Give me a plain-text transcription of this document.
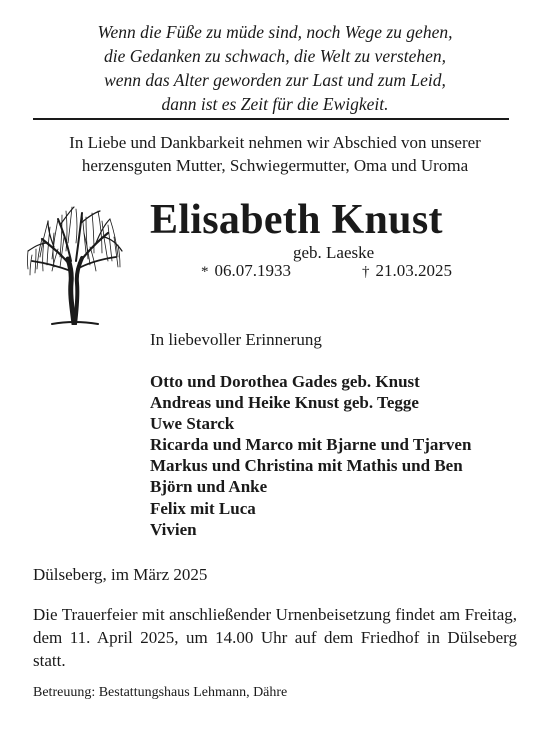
Wenn die Füße zu müde sind, noch Wege zu gehen,
die Gedanken zu schwach, die Welt zu verstehen,
wenn das Alter geworden zur Last und zum Leid,
dann ist es Zeit für die Ewigkeit.
In Liebe und Dankbarkeit nehmen wir Abschied von unserer
herzensguten Mutter, Schwiegermutter, Oma und Uroma
Elisabeth Knust
geb. Laeske
* 06.07.1933	† 21.03.2025
In liebevoller Erinnerung
Otto und Dorothea Gades geb. Knust
Andreas und Heike Knust geb. Tegge
Uwe Starck
Ricarda und Marco mit Bjarne und Tjarven
Markus und Christina mit Mathis und Ben
Björn und Anke
Felix mit Luca
Vivien
Dülseberg, im März 2025
Die Trauerfeier mit anschließender Urnenbeisetzung findet am Freitag, dem 11. April 2025, um 14.00 Uhr auf dem Friedhof in Dülseberg statt.
Betreuung: Bestattungshaus Lehmann, Dähre
